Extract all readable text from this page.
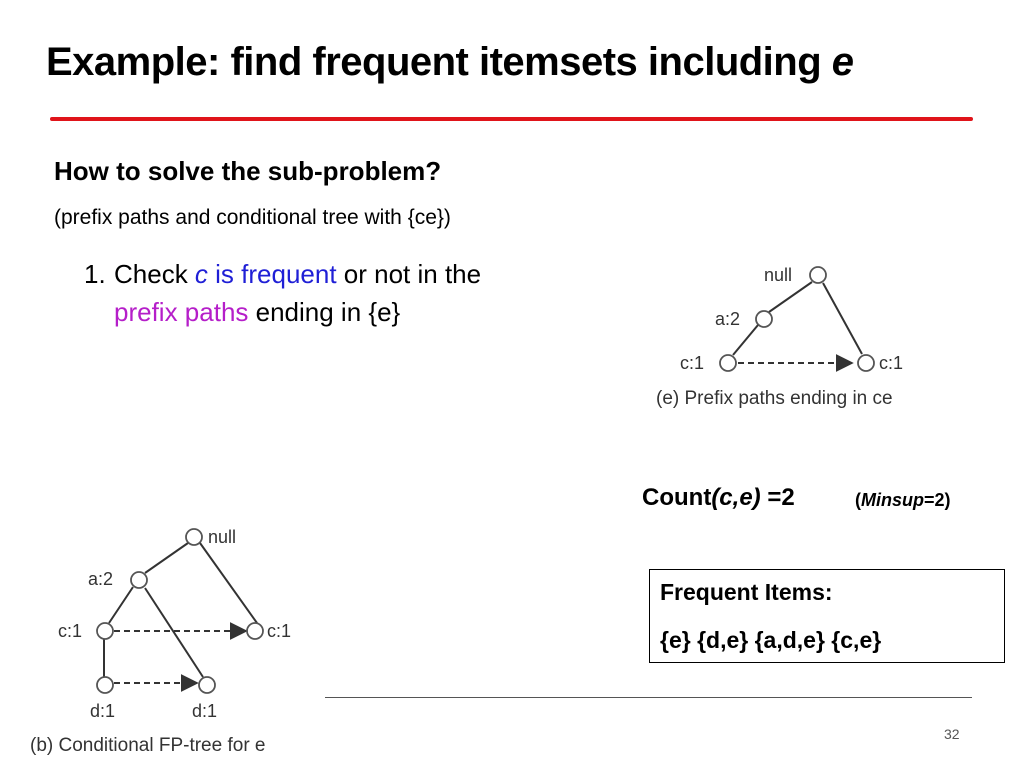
Example: find frequent itemsets including e
How to solve the sub-problem?
(prefix paths and conditional tree with {ce})
1. Check c is frequent or not in the
prefix paths ending in {e}
null
a:2
c:1	c:1
(e) Prefix paths ending in ce
Count(c,e) =2	(Minsup=2)
Frequent Items:
{e} {d,e} {a,d,e} {c,e}
null
a:2
c:1	c:1
d:1	d:1
(b) Conditional FP-tree for e
32
